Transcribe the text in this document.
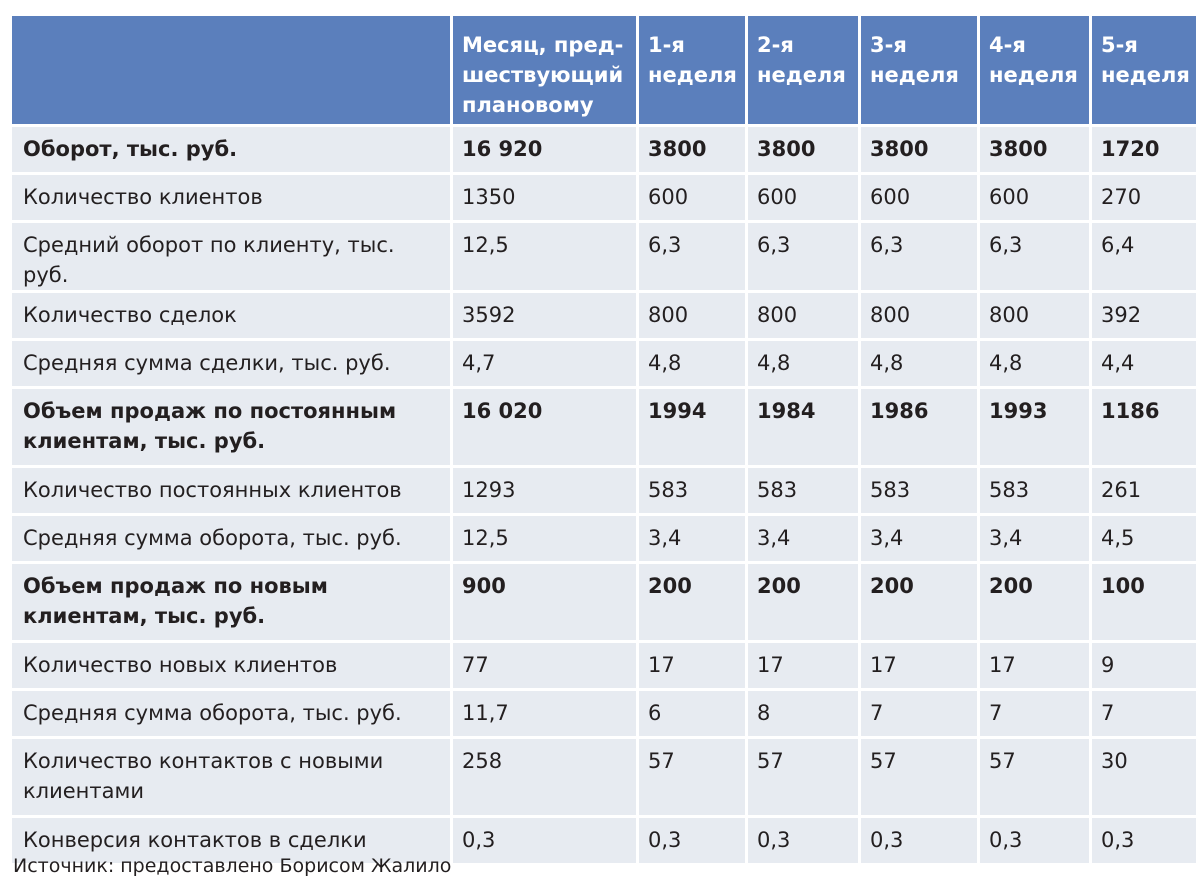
	Месяц, пред-шествующий плановому	1-я неделя	2-я неделя	3-я неделя	4-я неделя	5-я неделя
Оборот, тыс. руб.	16 920	3800	3800	3800	3800	1720
Количество клиентов	1350	600	600	600	600	270
Средний оборот по клиенту, тыс. руб.	12,5	6,3	6,3	6,3	6,3	6,4
Количество сделок	3592	800	800	800	800	392
Средняя сумма сделки, тыс. руб.	4,7	4,8	4,8	4,8	4,8	4,4
Объем продаж по постоянным клиентам, тыс. руб.	16 020	1994	1984	1986	1993	1186
Количество постоянных клиентов	1293	583	583	583	583	261
Средняя сумма оборота, тыс. руб.	12,5	3,4	3,4	3,4	3,4	4,5
Объем продаж по новым клиентам, тыс. руб.	900	200	200	200	200	100
Количество новых клиентов	77	17	17	17	17	9
Средняя сумма оборота, тыс. руб.	11,7	6	8	7	7	7
Количество контактов с новыми клиентами	258	57	57	57	57	30
Конверсия контактов в сделки	0,3	0,3	0,3	0,3	0,3	0,3

Источник: предоставлено Борисом Жалило
